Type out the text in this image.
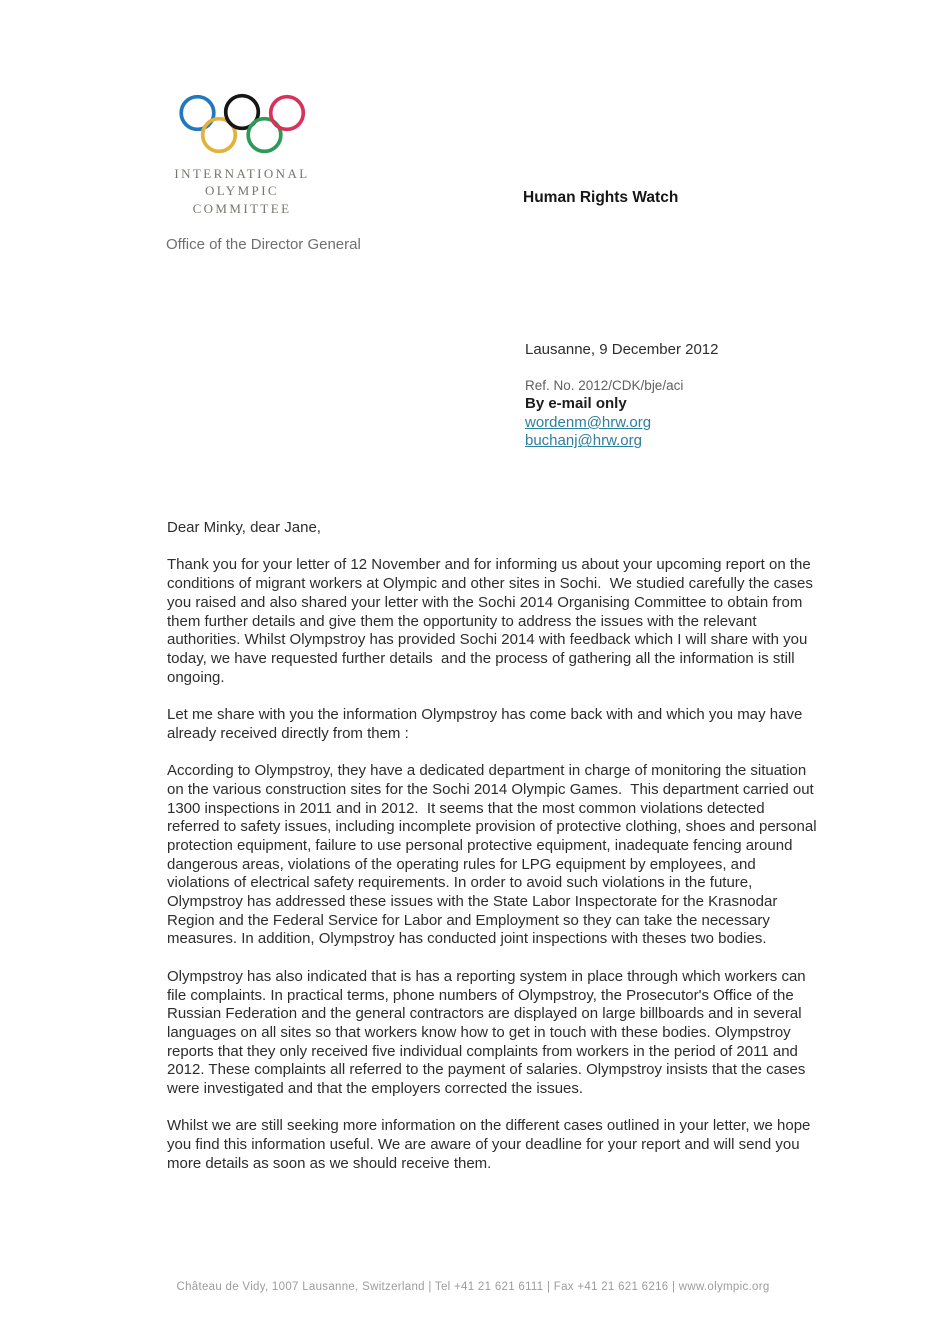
INTERNATIONAL
OLYMPIC
COMMITTEE
Human Rights Watch
Office of the Director General
Lausanne, 9 December 2012
Ref. No. 2012/CDK/bje/aci
By e-mail only
wordenm@hrw.org
buchanj@hrw.org

Dear Minky, dear Jane,

Thank you for your letter of 12 November and for informing us about your upcoming report on the conditions of migrant workers at Olympic and other sites in Sochi.  We studied carefully the cases you raised and also shared your letter with the Sochi 2014 Organising Committee to obtain from them further details and give them the opportunity to address the issues with the relevant authorities. Whilst Olympstroy has provided Sochi 2014 with feedback which I will share with you today, we have requested further details  and the process of gathering all the information is still ongoing.

Let me share with you the information Olympstroy has come back with and which you may have already received directly from them :

According to Olympstroy, they have a dedicated department in charge of monitoring the situation on the various construction sites for the Sochi 2014 Olympic Games.  This department carried out 1300 inspections in 2011 and in 2012.  It seems that the most common violations detected referred to safety issues, including incomplete provision of protective clothing, shoes and personal protection equipment, failure to use personal protective equipment, inadequate fencing around dangerous areas, violations of the operating rules for LPG equipment by employees, and violations of electrical safety requirements. In order to avoid such violations in the future, Olympstroy has addressed these issues with the State Labor Inspectorate for the Krasnodar Region and the Federal Service for Labor and Employment so they can take the necessary measures. In addition, Olympstroy has conducted joint inspections with theses two bodies.

Olympstroy has also indicated that is has a reporting system in place through which workers can file complaints. In practical terms, phone numbers of Olympstroy, the Prosecutor's Office of the Russian Federation and the general contractors are displayed on large billboards and in several languages on all sites so that workers know how to get in touch with these bodies. Olympstroy reports that they only received five individual complaints from workers in the period of 2011 and 2012. These complaints all referred to the payment of salaries. Olympstroy insists that the cases were investigated and that the employers corrected the issues.

Whilst we are still seeking more information on the different cases outlined in your letter, we hope you find this information useful. We are aware of your deadline for your report and will send you more details as soon as we should receive them.

Château de Vidy, 1007 Lausanne, Switzerland | Tel +41 21 621 6111 | Fax +41 21 621 6216 | www.olympic.org
